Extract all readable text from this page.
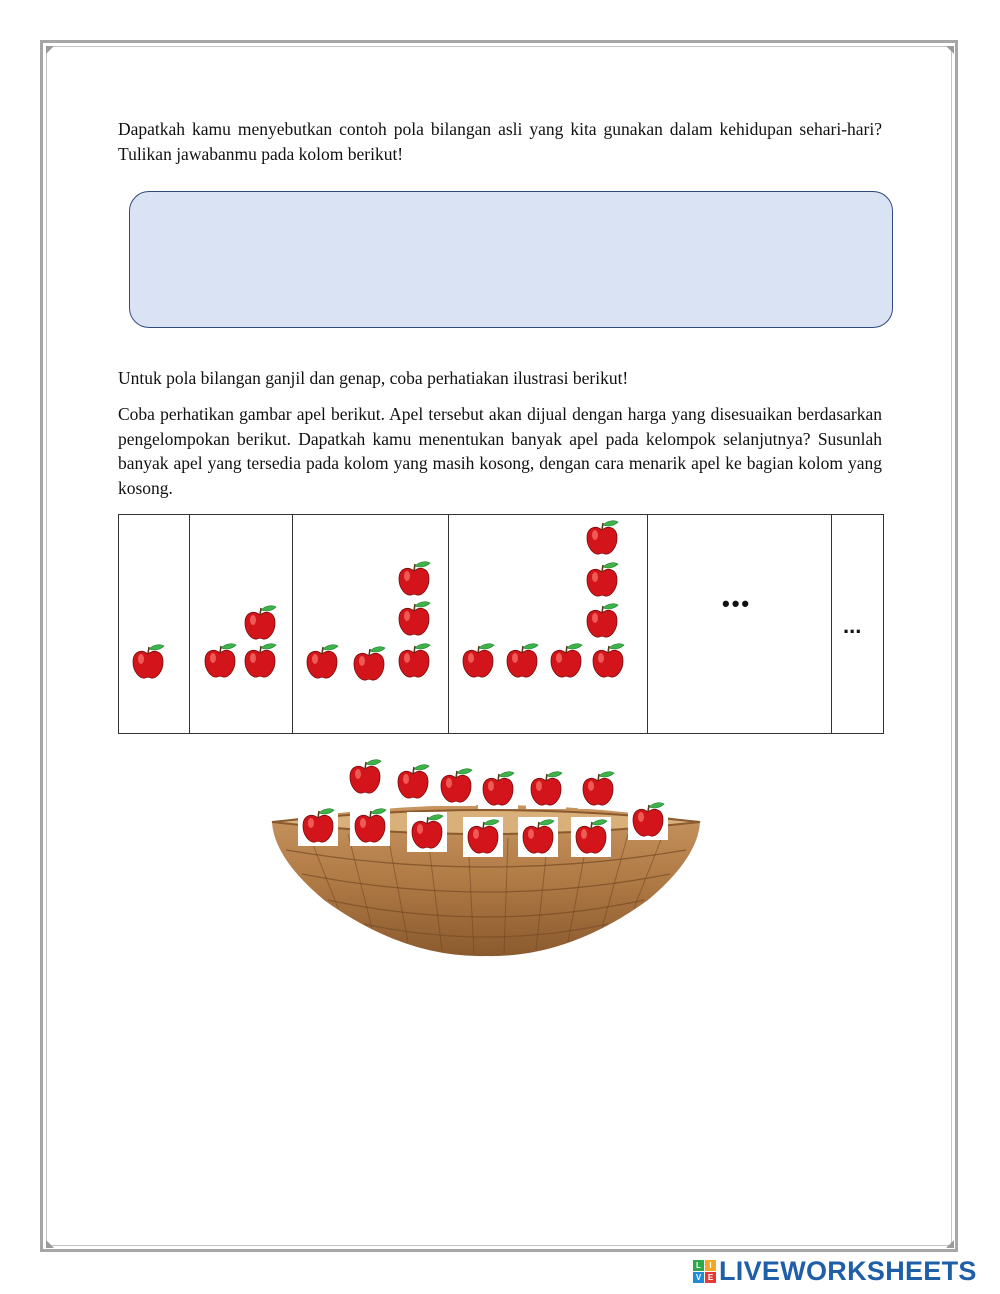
Dapatkah kamu menyebutkan contoh pola bilangan asli yang kita gunakan dalam kehidupan sehari-hari? Tulikan jawabanmu pada kolom berikut!

Untuk pola bilangan ganjil dan genap, coba perhatiakan ilustrasi berikut!

Coba perhatikan gambar apel berikut. Apel tersebut akan dijual dengan harga yang disesuaikan berdasarkan pengelompokan berikut. Dapatkah kamu menentukan banyak apel pada kelompok selanjutnya? Susunlah banyak apel yang tersedia pada kolom yang masih kosong, dengan cara menarik apel ke bagian kolom yang kosong.

•••

...
L	I
V E LIVEWORKSHEETS
